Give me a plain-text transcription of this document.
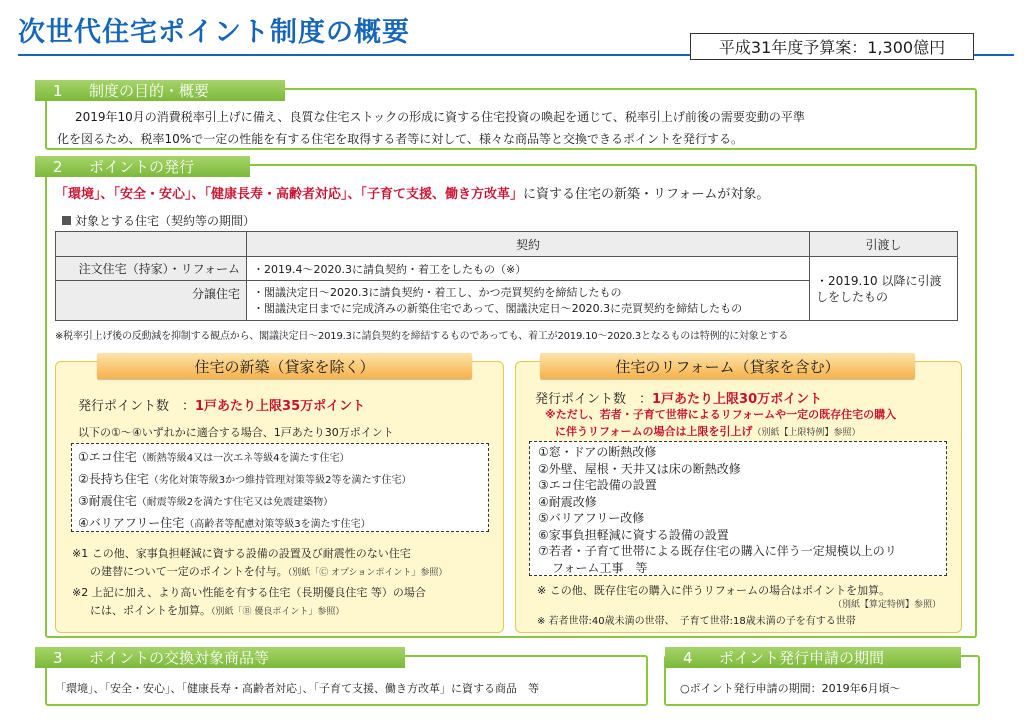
次世代住宅ポイント制度の概要	平成31年度予算案：1,300億円
1	制度の目的・概要

2019年10月の消費税率引上げに備え、良質な住宅ストックの形成に資する住宅投資の喚起を通じて、税率引上げ前後の需要変動の平準

化を図るため、税率10%で一定の性能を有する住宅を取得する者等に対して、様々な商品等と交換できるポイントを発行する。

2	ポイントの発行
「環境」、「安全・安心」、「健康長寿・高齢者対応」、「子育て支援、働き方改革」に資する住宅の新築・リフォームが対象。
対象とする住宅（契約等の期間）
	契約	引渡し
注文住宅（持家）・リフォーム	・2019.4～2020.3に請負契約・着工をしたもの（※）	・2019.10 以降に引渡しをしたもの
分譲住宅	・閣議決定日～2020.3に請負契約・着工し、かつ売買契約を締結したもの
・閣議決定日までに完成済みの新築住宅であって、閣議決定日～2020.3に売買契約を締結したもの	
※税率引上げ後の反動減を抑制する観点から、閣議決定日～2019.3に請負契約を締結するものであっても、着工が2019.10～2020.3となるものは特例的に対象とする
住宅の新築（貸家を除く）
発行ポイント数　：1戸あたり上限35万ポイント
以下の①～④いずれかに適合する場合、1戸あたり30万ポイント
①エコ住宅（断熱等級4又は一次エネ等級4を満たす住宅）
②長持ち住宅（劣化対策等級3かつ維持管理対策等級2等を満たす住宅）
③耐震住宅（耐震等級2を満たす住宅又は免震建築物）
④バリアフリー住宅（高齢者等配慮対策等級3を満たす住宅）
※1 この他、家事負担軽減に資する設備の設置及び耐震性のない住宅
の建替について一定のポイントを付与。（別紙「Ⓒ オプションポイント」参照）
※2 上記に加え、より高い性能を有する住宅（長期優良住宅 等）の場合
には、ポイントを加算。（別紙「Ⓑ 優良ポイント」参照）
住宅のリフォーム（貸家を含む）
発行ポイント数　：1戸あたり上限30万ポイント
※ただし、若者・子育て世帯によるリフォームや一定の既存住宅の購入
に伴うリフォームの場合は上限を引上げ（別紙【上限特例】参照）
①窓・ドアの断熱改修
②外壁、屋根・天井又は床の断熱改修
③エコ住宅設備の設置
④耐震改修
⑤バリアフリー改修
⑥家事負担軽減に資する設備の設置
⑦若者・子育て世帯による既存住宅の購入に伴う一定規模以上のリ
フォーム工事　等
※ この他、既存住宅の購入に伴うリフォームの場合はポイントを加算。
（別紙【算定特例】参照）
※ 若者世帯:40歳未満の世帯、　子育て世帯:18歳未満の子を有する世帯
3	ポイントの交換対象商品等
「環境」、「安全・安心」、「健康長寿・高齢者対応」、「子育て支援、働き方改革」に資する商品　等
4	ポイント発行申請の期間
○ポイント発行申請の期間：2019年6月頃～
